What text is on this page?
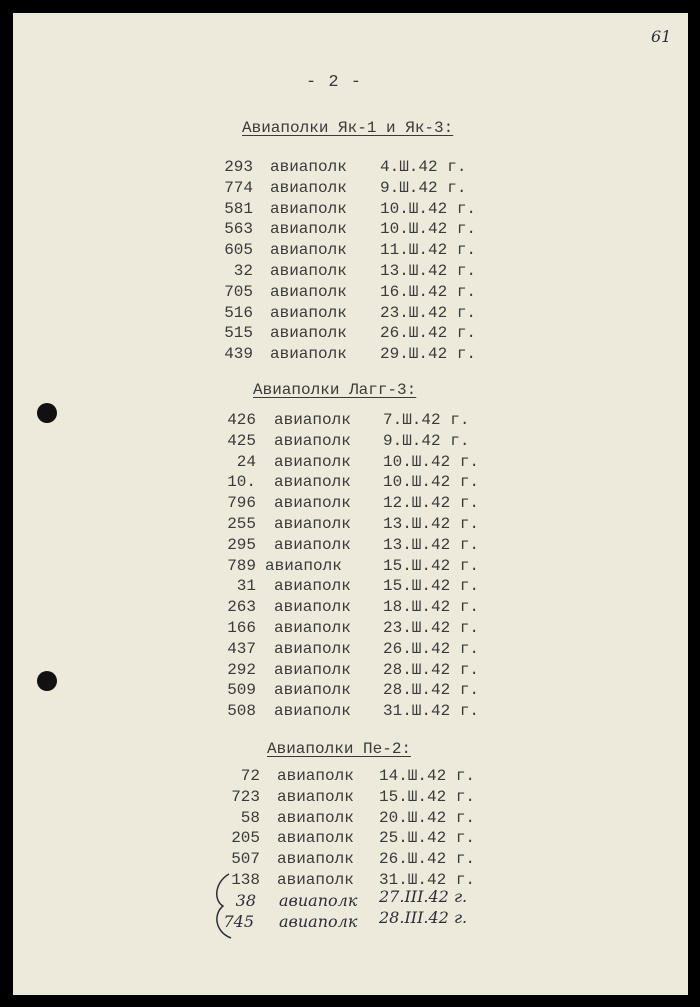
61
- 2 -
Авиаполки Як-1 и Як-3:
Авиаполки Лагг-3:
Авиаполки Пе-2:
293 авиаполк 4.Ш.42 г.
774 авиаполк 9.Ш.42 г.
581 авиаполк 10.Ш.42 г.
563 авиаполк 10.Ш.42 г.
605 авиаполк 11.Ш.42 г.
32 авиаполк 13.Ш.42 г.
705 авиаполк 16.Ш.42 г.
516 авиаполк 23.Ш.42 г.
515 авиаполк 26.Ш.42 г.
439 авиаполк 29.Ш.42 г.
426 авиаполк 7.Ш.42 г.
425 авиаполк 9.Ш.42 г.
24 авиаполк 10.Ш.42 г.
10. авиаполк 10.Ш.42 г.
796 авиаполк 12.Ш.42 г.
255 авиаполк 13.Ш.42 г.
295 авиаполк 13.Ш.42 г.
789 авиаполк	15.Ш.42 г.
31 авиаполк 15.Ш.42 г.
263 авиаполк 18.Ш.42 г.
166 авиаполк 23.Ш.42 г.
437 авиаполк 26.Ш.42 г.
292 авиаполк 28.Ш.42 г.
509 авиаполк 28.Ш.42 г.
508 авиаполк 31.Ш.42 г.
72 авиаполк 14.Ш.42 г.
723 авиаполк 15.Ш.42 г.
58 авиаполк 20.Ш.42 г.
205 авиаполк 25.Ш.42 г.
507 авиаполк 26.Ш.42 г.
138 авиаполк 31.Ш.42 г.
38 авиаполк 27.III.42 г.
745 авиаполк 28.III.42 г.
